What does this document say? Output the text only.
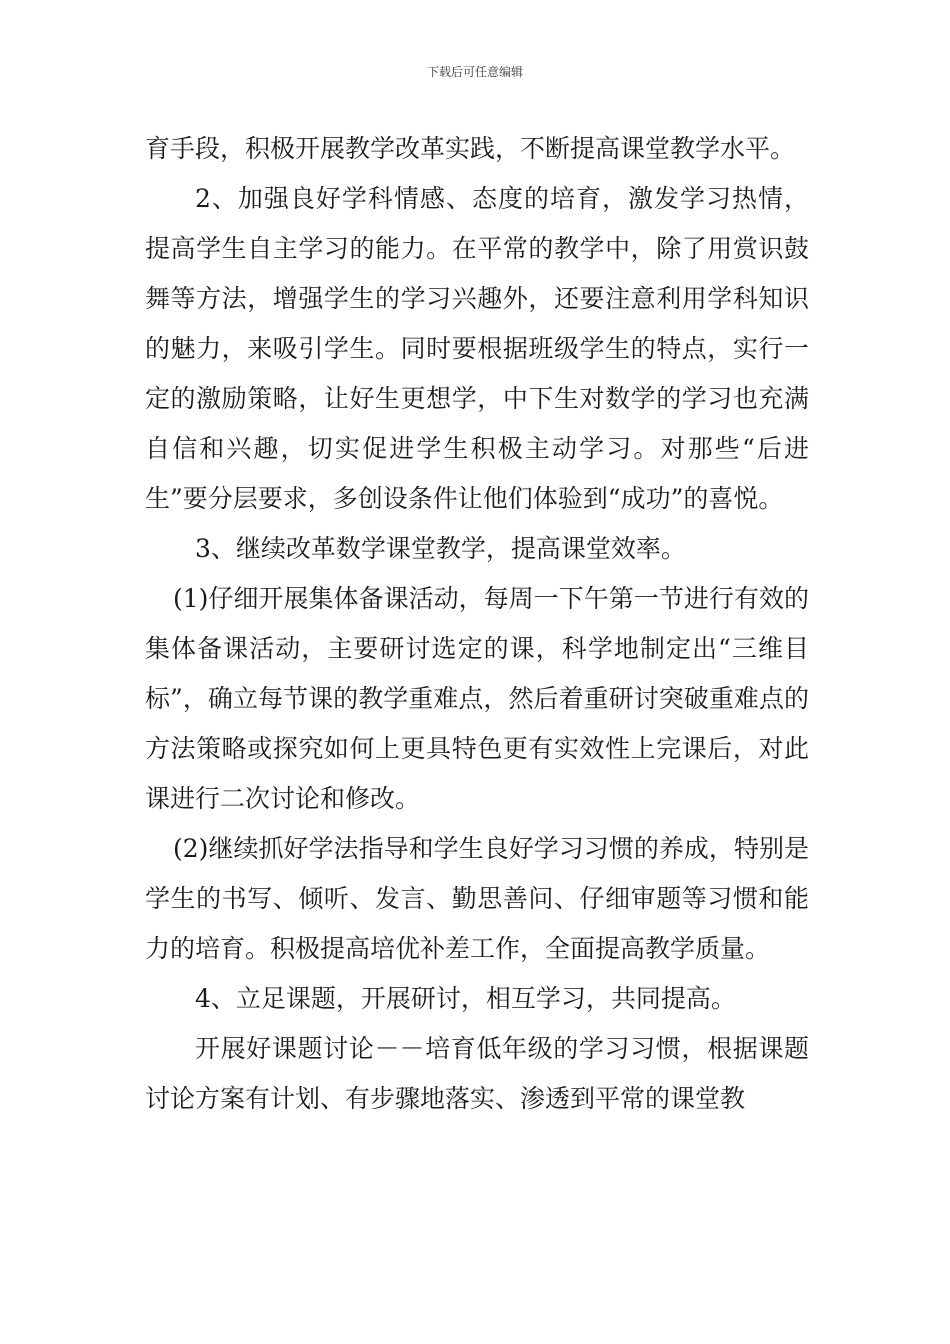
下载后可任意编辑

育手段，积极开展教学改革实践，不断提高课堂教学水平。

2、加强良好学科情感、态度的培育，激发学习热情，提高学生自主学习的能力。在平常的教学中，除了用赏识鼓舞等方法，增强学生的学习兴趣外，还要注意利用学科知识的魅力，来吸引学生。同时要根据班级学生的特点，实行一定的激励策略，让好生更想学，中下生对数学的学习也充满自信和兴趣，切实促进学生积极主动学习。对那些“后进生”要分层要求，多创设条件让他们体验到“成功”的喜悦。

3、继续改革数学课堂教学，提高课堂效率。

(1)仔细开展集体备课活动，每周一下午第一节进行有效的集体备课活动，主要研讨选定的课，科学地制定出“三维目标”，确立每节课的教学重难点，然后着重研讨突破重难点的方法策略或探究如何上更具特色更有实效性上完课后，对此课进行二次讨论和修改。

(2)继续抓好学法指导和学生良好学习习惯的养成，特别是学生的书写、倾听、发言、勤思善问、仔细审题等习惯和能力的培育。积极提高培优补差工作，全面提高教学质量。

4、立足课题，开展研讨，相互学习，共同提高。

开展好课题讨论－－培育低年级的学习习惯，根据课题讨论方案有计划、有步骤地落实、渗透到平常的课堂教
